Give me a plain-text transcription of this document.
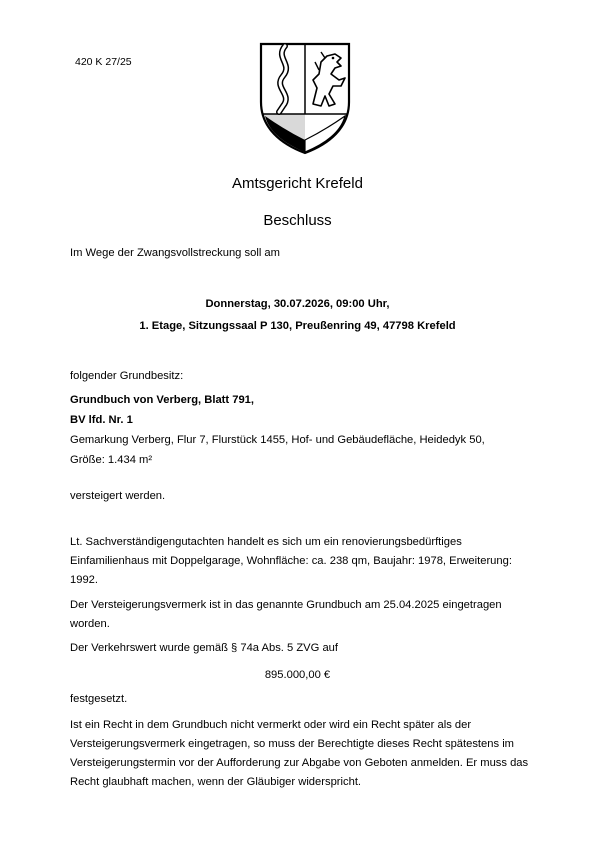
420 K 27/25
Amtsgericht Krefeld
Beschluss
Im Wege der Zwangsvollstreckung soll am
Donnerstag, 30.07.2026, 09:00 Uhr,
1. Etage, Sitzungssaal P 130, Preußenring 49, 47798 Krefeld
folgender Grundbesitz:
Grundbuch von Verberg, Blatt 791,
BV lfd. Nr. 1
Gemarkung Verberg, Flur 7, Flurstück 1455, Hof- und Gebäudefläche, Heidedyk 50,
Größe: 1.434 m²
versteigert werden.
Lt. Sachverständigengutachten handelt es sich um ein renovierungsbedürftiges Einfamilienhaus mit Doppelgarage, Wohnfläche: ca. 238 qm, Baujahr: 1978, Erweiterung: 1992.
Der Versteigerungsvermerk ist in das genannte Grundbuch am 25.04.2025 eingetragen worden.
Der Verkehrswert wurde gemäß § 74a Abs. 5 ZVG auf
895.000,00 €
festgesetzt.
Ist ein Recht in dem Grundbuch nicht vermerkt oder wird ein Recht später als der Versteigerungsvermerk eingetragen, so muss der Berechtigte dieses Recht spätestens im Versteigerungstermin vor der Aufforderung zur Abgabe von Geboten anmelden. Er muss das Recht glaubhaft machen, wenn der Gläubiger widerspricht.
